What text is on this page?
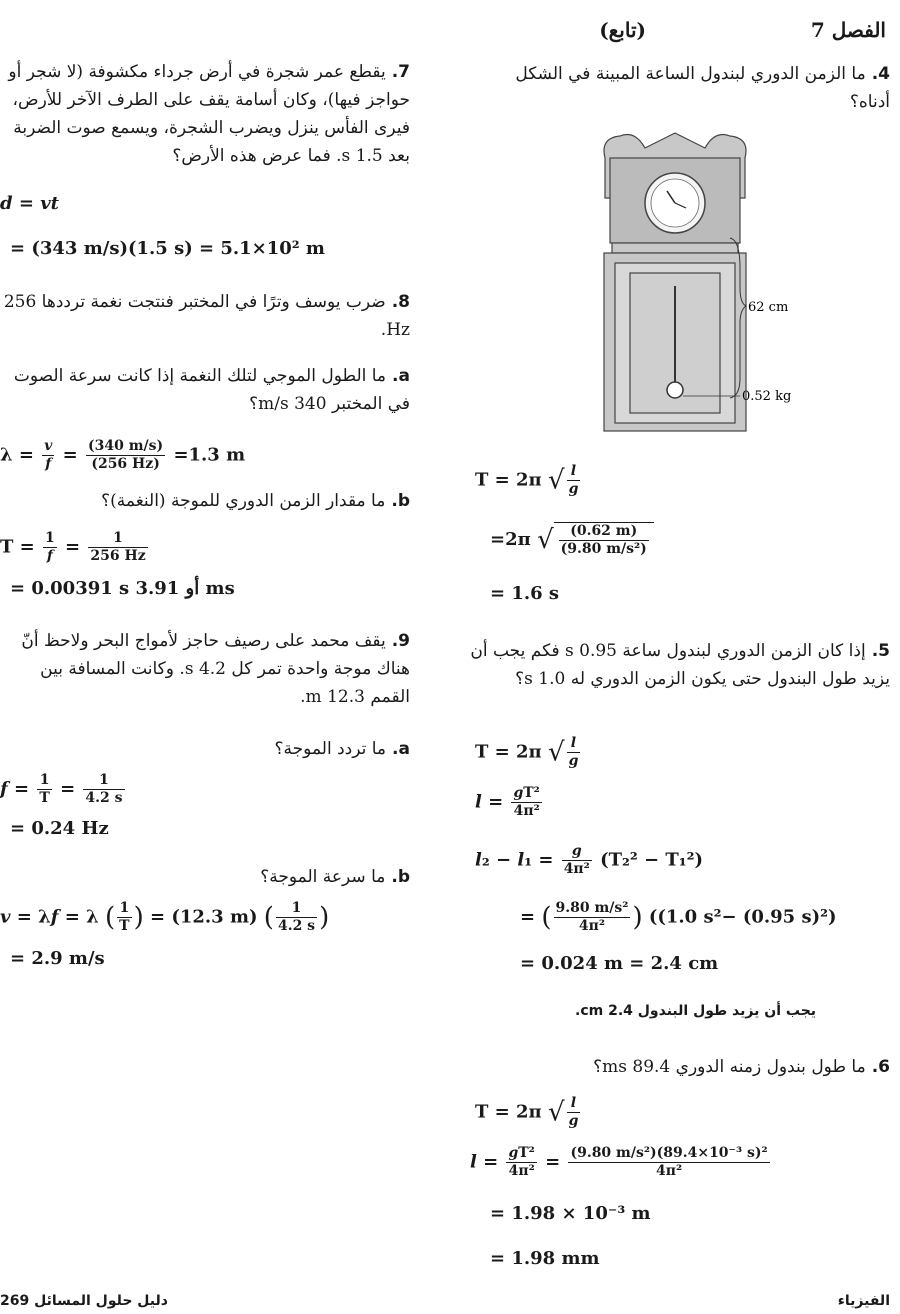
الفصل 7
(تابع)
4.ما الزمن الدوري لبندول الساعة المبينة في الشكل أدناه؟
62 cm
0.52 kg
T = 2π √ $\frac{l}{g}$
=2π √ $\frac{(0.62 m)}{\text{(9.80 m/s²)}}$
= 1.6 s
5.إذا كان الزمن الدوري لبندول ساعة 0.95 s فكم يجب أن يزيد طول البندول حتى يكون الزمن الدوري له 1.0 s؟
T = 2π √ $\frac{l}{g}$
$l = \frac{\text{gT²}}{\text{4π²}}$
$l_2 - l_1 = \frac{g}{\text{4π²}} (T_2^2 - T_1^2)$
= ( $\frac{\text{9.80 m/s²}}{\text{4π²}}$ ) ((1.0 s²− (0.95 s)²)
= 0.024 m = 2.4 cm
يجب أن يزيد طول البندول 2.4 cm.
6.ما طول بندول زمنه الدوري 89.4 ms؟
T = 2π √ $\frac{l}{g}$
$l = \frac{\text{gT²}}{\text{4π²}} = \frac{\text{(9.80 m/s²)(89.4×10⁻³ s)²}}{\text{4π²}}$
= 1.98 × 10⁻³ m
= 1.98 mm
7.يقطع عمر شجرة في أرض جرداء مكشوفة (لا شجر أو حواجز فيها)، وكان أسامة يقف على الطرف الآخر للأرض، فيرى الفأس ينزل ويضرب الشجرة، ويسمع صوت الضربة بعد 1.5 s. فما عرض هذه الأرض؟
d = vt
= (343 m/s)(1.5 s) = 5.1×10² m
8.ضرب يوسف وترًا في المختبر فنتجت نغمة ترددها 256 Hz.
a.ما الطول الموجي لتلك النغمة إذا كانت سرعة الصوت في المختبر 340 m/s؟
$\lambda = \frac{v}{f} = \frac{(340 m/s)}{(256 Hz)} =1.3$ m
b.ما مقدار الزمن الدوري للموجة (النغمة)؟
$T = \frac{1}{f} = \frac{1}{256 Hz}$
= 0.00391 s أو 3.91 ms
9.يقف محمد على رصيف حاجز لأمواج البحر ولاحظ أنّ هناك موجة واحدة تمر كل 4.2 s. وكانت المسافة بين القمم 12.3 m.
a.ما تردد الموجة؟
$f = \frac{1}{T} = \frac{1}{4.2 s}$
= 0.24 Hz
b.ما سرعة الموجة؟
v = λf = λ ( $\frac{1}{T}$ ) = (12.3 m) ( $\frac{1}{4.2 s}$ )
= 2.9 m/s
دليل حلول المسائل 269	الفيزياء
